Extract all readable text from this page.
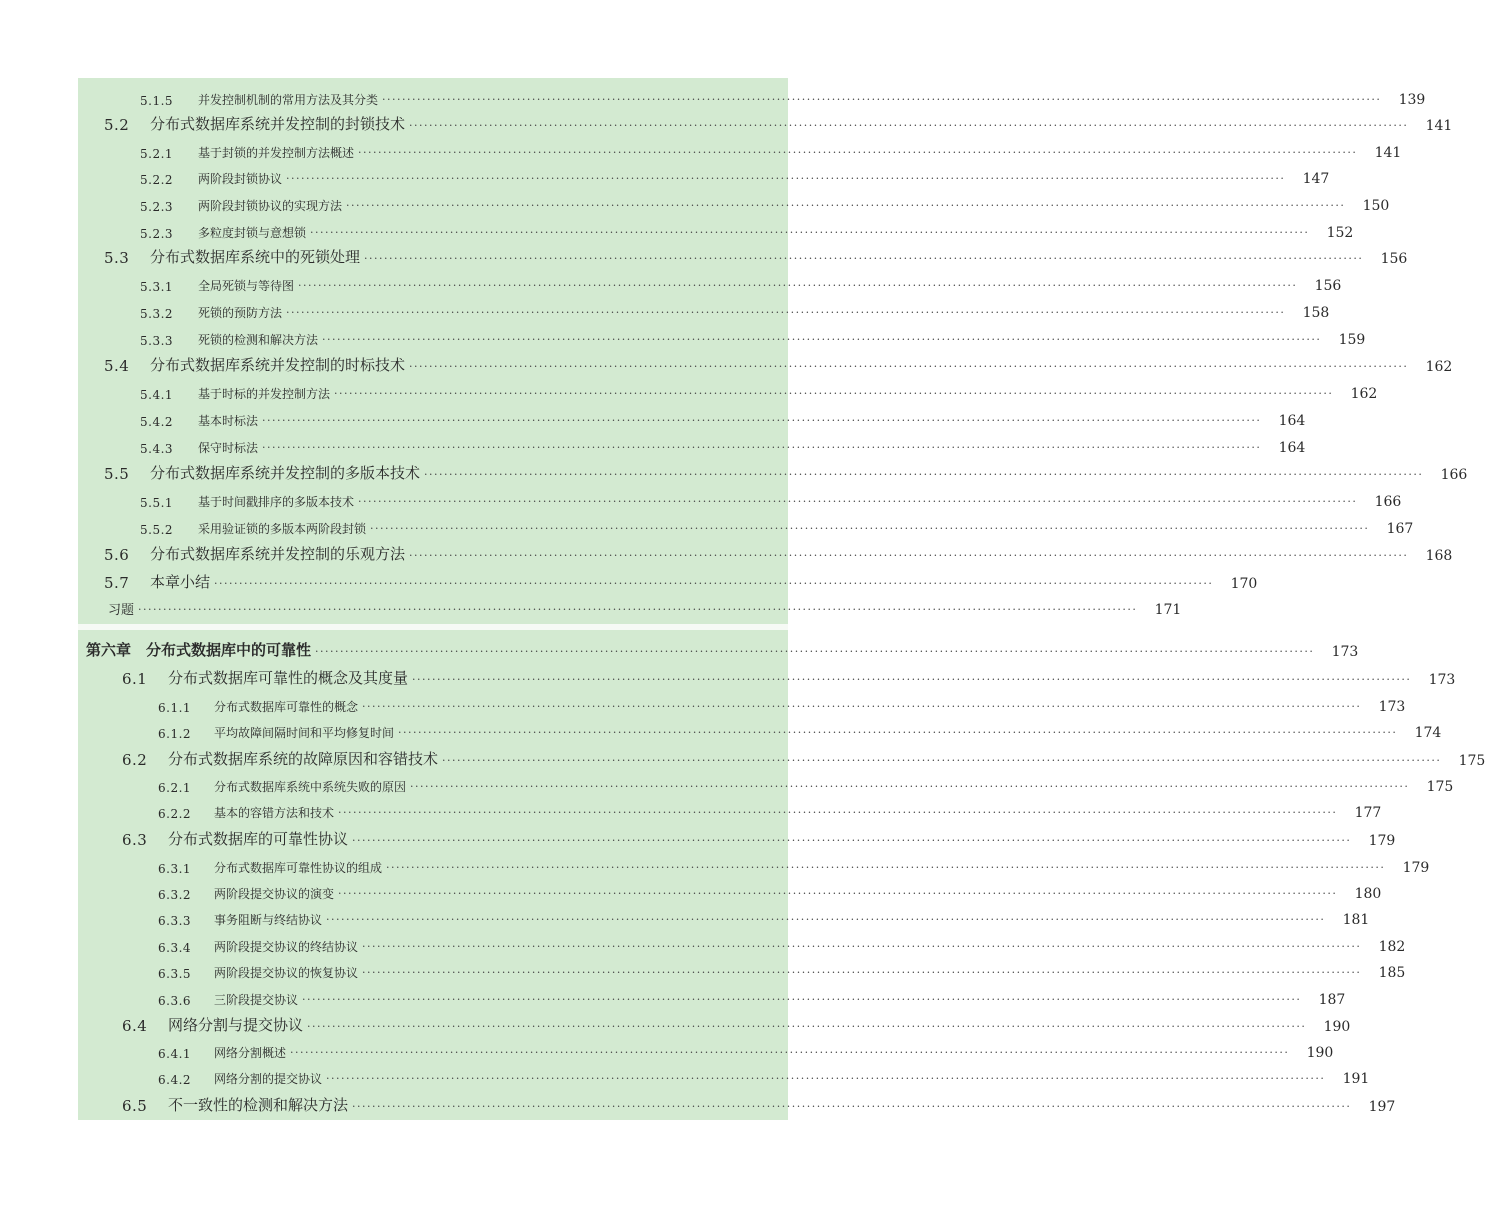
5.1.5	并发控制机制的常用方法及其分类 ········································································································································································································	139
5.2	分布式数据库系统并发控制的封锁技术 ········································································································································································································	141
5.2.1	基于封锁的并发控制方法概述 ········································································································································································································	141
5.2.2	两阶段封锁协议 ········································································································································································································	147
5.2.3	两阶段封锁协议的实现方法 ········································································································································································································	150
5.2.3	多粒度封锁与意想锁 ········································································································································································································	152
5.3	分布式数据库系统中的死锁处理 ········································································································································································································	156
5.3.1	全局死锁与等待图 ········································································································································································································	156
5.3.2	死锁的预防方法 ········································································································································································································	158
5.3.3	死锁的检测和解决方法 ········································································································································································································	159
5.4	分布式数据库系统并发控制的时标技术 ········································································································································································································	162
5.4.1	基于时标的并发控制方法 ········································································································································································································	162
5.4.2	基本时标法 ········································································································································································································	164
5.4.3	保守时标法 ········································································································································································································	164
5.5	分布式数据库系统并发控制的多版本技术 ········································································································································································································	166
5.5.1	基于时间戳排序的多版本技术 ········································································································································································································	166
5.5.2	采用验证锁的多版本两阶段封锁 ········································································································································································································	167
5.6	分布式数据库系统并发控制的乐观方法 ········································································································································································································	168
5.7	本章小结 ········································································································································································································	170
习题 ········································································································································································································	171
第六章　分布式数据库中的可靠性 ········································································································································································································	173
6.1	分布式数据库可靠性的概念及其度量 ········································································································································································································	173
6.1.1	分布式数据库可靠性的概念 ········································································································································································································	173
6.1.2	平均故障间隔时间和平均修复时间 ········································································································································································································	174
6.2	分布式数据库系统的故障原因和容错技术 ········································································································································································································	175
6.2.1	分布式数据库系统中系统失败的原因 ········································································································································································································	175
6.2.2	基本的容错方法和技术 ········································································································································································································	177
6.3	分布式数据库的可靠性协议 ········································································································································································································	179
6.3.1	分布式数据库可靠性协议的组成 ········································································································································································································	179
6.3.2	两阶段提交协议的演变 ········································································································································································································	180
6.3.3	事务阻断与终结协议 ········································································································································································································	181
6.3.4	两阶段提交协议的终结协议 ········································································································································································································	182
6.3.5	两阶段提交协议的恢复协议 ········································································································································································································	185
6.3.6	三阶段提交协议 ········································································································································································································	187
6.4	网络分割与提交协议 ········································································································································································································	190
6.4.1	网络分割概述 ········································································································································································································	190
6.4.2	网络分割的提交协议 ········································································································································································································	191
6.5	不一致性的检测和解决方法 ········································································································································································································	197
